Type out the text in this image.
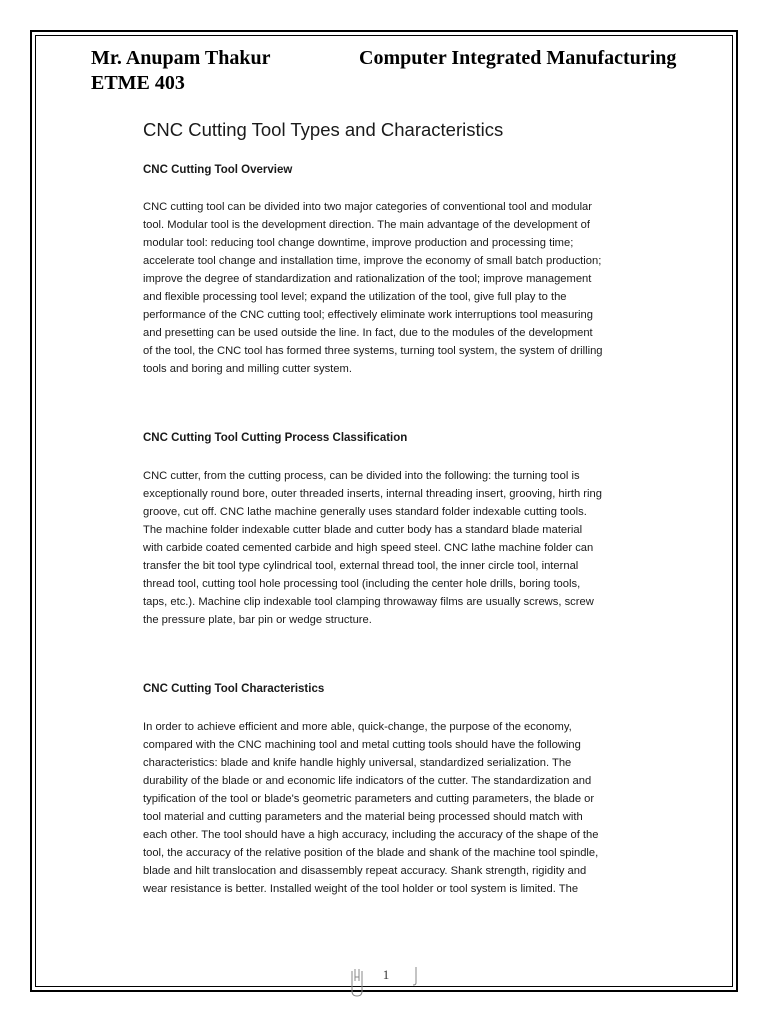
Mr. Anupam Thakur	Computer Integrated Manufacturing
ETME 403
CNC Cutting Tool Types and Characteristics
CNC Cutting Tool Overview

CNC cutting tool can be divided into two major categories of conventional tool and modular
tool. Modular tool is the development direction. The main advantage of the development of
modular tool: reducing tool change downtime, improve production and processing time;
accelerate tool change and installation time, improve the economy of small batch production;
improve the degree of standardization and rationalization of the tool; improve management
and flexible processing tool level; expand the utilization of the tool, give full play to the
performance of the CNC cutting tool; effectively eliminate work interruptions tool measuring
and presetting can be used outside the line. In fact, due to the modules of the development
of the tool, the CNC tool has formed three systems, turning tool system, the system of drilling
tools and boring and milling cutter system.

CNC Cutting Tool Cutting Process Classification

CNC cutter, from the cutting process, can be divided into the following: the turning tool is
exceptionally round bore, outer threaded inserts, internal threading insert, grooving, hirth ring
groove, cut off. CNC lathe machine generally uses standard folder indexable cutting tools.
The machine folder indexable cutter blade and cutter body has a standard blade material
with carbide coated cemented carbide and high speed steel. CNC lathe machine folder can
transfer the bit tool type cylindrical tool, external thread tool, the inner circle tool, internal
thread tool, cutting tool hole processing tool (including the center hole drills, boring tools,
taps, etc.). Machine clip indexable tool clamping throwaway films are usually screws, screw
the pressure plate, bar pin or wedge structure.

CNC Cutting Tool Characteristics

In order to achieve efficient and more able, quick-change, the purpose of the economy,
compared with the CNC machining tool and metal cutting tools should have the following
characteristics: blade and knife handle highly universal, standardized serialization. The
durability of the blade or and economic life indicators of the cutter. The standardization and
typification of the tool or blade's geometric parameters and cutting parameters, the blade or
tool material and cutting parameters and the material being processed should match with
each other. The tool should have a high accuracy, including the accuracy of the shape of the
tool, the accuracy of the relative position of the blade and shank of the machine tool spindle,
blade and hilt translocation and disassembly repeat accuracy. Shank strength, rigidity and
wear resistance is better. Installed weight of the tool holder or tool system is limited. The

1
